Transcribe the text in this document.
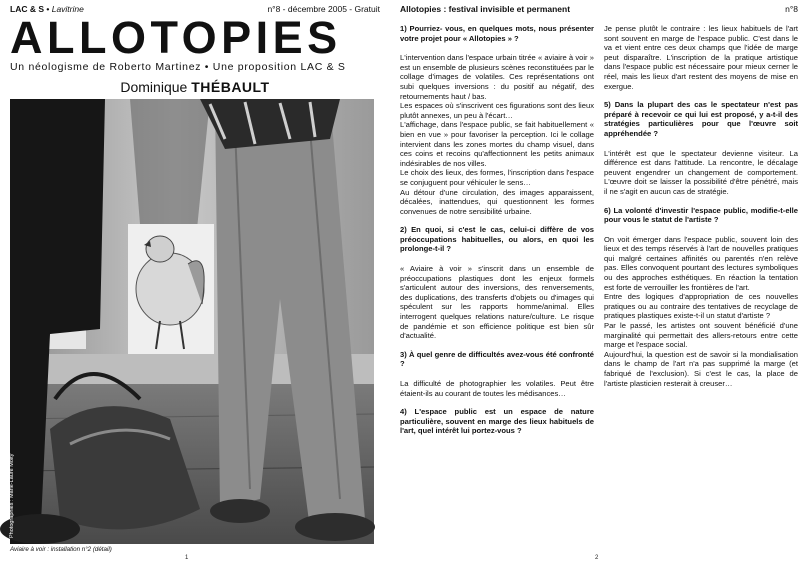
LAC & S • Lavitrine	n°8 - décembre 2005 - Gratuit
ALLOTOPIES
Un néologisme de Roberto Martinez • Une proposition LAC & S
Dominique THÉBAULT
Photographies : Marie-Laure Molty
Aviaire à voir : installation n°2 (détail)
1
Allotopies : festival invisible et permanent	n°8

1) Pourriez- vous, en quelques mots, nous présenter votre projet pour « Allotopies » ?

L'intervention dans l'espace urbain titrée « aviaire à voir » est un ensemble de plusieurs scènes reconstituées par le collage d'images de volatiles. Ces représentations ont subi quelques inversions : du positif au négatif, des retournements haut / bas.

Les espaces où s'inscrivent ces figurations sont des lieux plutôt annexes, un peu à l'écart…

L'affichage, dans l'espace public, se fait habituellement « bien en vue » pour favoriser la perception. Ici le collage intervient dans les zones mortes du champ visuel, dans ces coins et recoins qu'affectionnent les petits animaux indésirables de nos villes.

Le choix des lieux, des formes, l'inscription dans l'espace se conjuguent pour véhiculer le sens…

Au détour d'une circulation, des images apparaissent, décalées, inattendues, qui questionnent les formes convenues de notre sensibilité urbaine.

2) En quoi, si c'est le cas, celui-ci diffère de vos préoccupations habituelles, ou alors, en quoi les prolonge-t-il ?

« Aviaire à voir » s'inscrit dans un ensemble de préoccupations plastiques dont les enjeux formels s'articulent autour des inversions, des renversements, des duplications, des transferts d'objets ou d'images qui spéculent sur les rapports homme/animal. Elles interrogent quelques relations nature/culture. Le risque de pandémie et son efficience politique est bien sûr d'actualité.

3) À quel genre de difficultés avez-vous été confronté ?

La difficulté de photographier les volatiles. Peut être étaient-ils au courant de toutes les médisances…

4) L'espace public est un espace de nature particulière, souvent en marge des lieux habituels de l'art, quel intérêt lui portez-vous ?

Je pense plutôt le contraire : les lieux habituels de l'art sont souvent en marge de l'espace public. C'est dans le va et vient entre ces deux champs que l'idée de marge peut disparaître. L'inscription de la pratique artistique dans l'espace public est nécessaire pour mieux cerner le réel, mais les lieux d'art restent des moyens de mise en exergue.

5) Dans la plupart des cas le spectateur n'est pas préparé à recevoir ce qui lui est proposé, y a-t-il des stratégies particulières pour que l'œuvre soit appréhendée ?

L'intérêt est que le spectateur devienne visiteur. La différence est dans l'attitude. La rencontre, le décalage peuvent engendrer un changement de comportement. L'œuvre doit se laisser la possibilité d'être pénétré, mais il ne s'agit en aucun cas de stratégie.

6) La volonté d'investir l'espace public, modifie-t-elle pour vous le statut de l'artiste ?

On voit émerger dans l'espace public, souvent loin des lieux et des temps réservés à l'art de nouvelles pratiques qui malgré certaines affinités ou parentés n'en relève pas. Elles convoquent pourtant des lectures symboliques ou des approches esthétiques. En réaction la tentation est forte de verrouiller les frontières de l'art.

Entre des logiques d'appropriation de ces nouvelles pratiques ou au contraire des tentatives de recyclage de pratiques plastiques existe-t-il un statut d'artiste ?

Par le passé, les artistes ont souvent bénéficié d'une marginalité qui permettait des allers-retours entre cette marge et l'espace social.

Aujourd'hui, la question est de savoir si la mondialisation dans le champ de l'art n'a pas supprimé la marge (et fabriqué de l'exclusion). Si c'est le cas, la place de l'artiste plasticien resterait à creuser…

2
